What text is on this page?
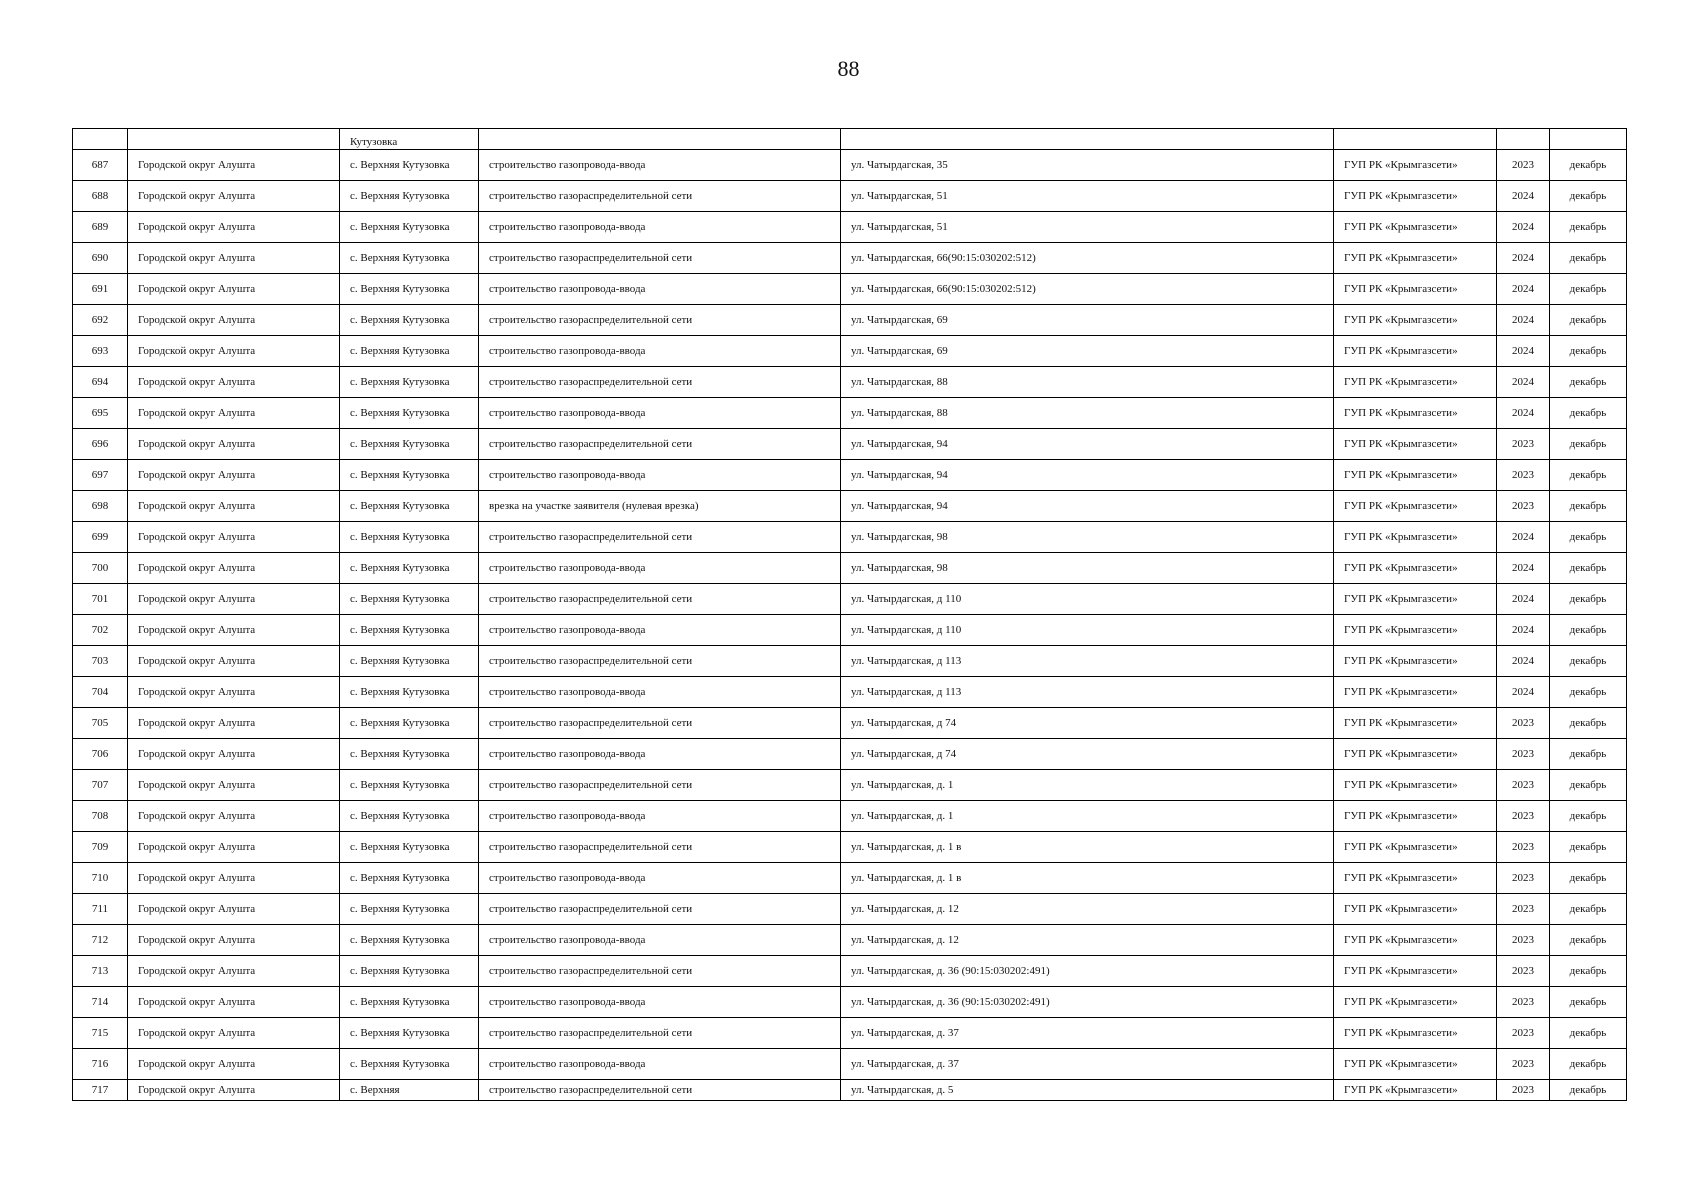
88
		Кутузовка					
687	Городской округ Алушта	с. Верхняя Кутузовка	строительство газопровода-ввода	ул. Чатырдагская, 35	ГУП РК «Крымгазсети»	2023	декабрь
688	Городской округ Алушта	с. Верхняя Кутузовка	строительство газораспределительной сети	ул. Чатырдагская, 51	ГУП РК «Крымгазсети»	2024	декабрь
689	Городской округ Алушта	с. Верхняя Кутузовка	строительство газопровода-ввода	ул. Чатырдагская, 51	ГУП РК «Крымгазсети»	2024	декабрь
690	Городской округ Алушта	с. Верхняя Кутузовка	строительство газораспределительной сети	ул. Чатырдагская, 66(90:15:030202:512)	ГУП РК «Крымгазсети»	2024	декабрь
691	Городской округ Алушта	с. Верхняя Кутузовка	строительство газопровода-ввода	ул. Чатырдагская, 66(90:15:030202:512)	ГУП РК «Крымгазсети»	2024	декабрь
692	Городской округ Алушта	с. Верхняя Кутузовка	строительство газораспределительной сети	ул. Чатырдагская, 69	ГУП РК «Крымгазсети»	2024	декабрь
693	Городской округ Алушта	с. Верхняя Кутузовка	строительство газопровода-ввода	ул. Чатырдагская, 69	ГУП РК «Крымгазсети»	2024	декабрь
694	Городской округ Алушта	с. Верхняя Кутузовка	строительство газораспределительной сети	ул. Чатырдагская, 88	ГУП РК «Крымгазсети»	2024	декабрь
695	Городской округ Алушта	с. Верхняя Кутузовка	строительство газопровода-ввода	ул. Чатырдагская, 88	ГУП РК «Крымгазсети»	2024	декабрь
696	Городской округ Алушта	с. Верхняя Кутузовка	строительство газораспределительной сети	ул. Чатырдагская, 94	ГУП РК «Крымгазсети»	2023	декабрь
697	Городской округ Алушта	с. Верхняя Кутузовка	строительство газопровода-ввода	ул. Чатырдагская, 94	ГУП РК «Крымгазсети»	2023	декабрь
698	Городской округ Алушта	с. Верхняя Кутузовка	врезка на участке заявителя (нулевая врезка)	ул. Чатырдагская, 94	ГУП РК «Крымгазсети»	2023	декабрь
699	Городской округ Алушта	с. Верхняя Кутузовка	строительство газораспределительной сети	ул. Чатырдагская, 98	ГУП РК «Крымгазсети»	2024	декабрь
700	Городской округ Алушта	с. Верхняя Кутузовка	строительство газопровода-ввода	ул. Чатырдагская, 98	ГУП РК «Крымгазсети»	2024	декабрь
701	Городской округ Алушта	с. Верхняя Кутузовка	строительство газораспределительной сети	ул. Чатырдагская, д 110	ГУП РК «Крымгазсети»	2024	декабрь
702	Городской округ Алушта	с. Верхняя Кутузовка	строительство газопровода-ввода	ул. Чатырдагская, д 110	ГУП РК «Крымгазсети»	2024	декабрь
703	Городской округ Алушта	с. Верхняя Кутузовка	строительство газораспределительной сети	ул. Чатырдагская, д 113	ГУП РК «Крымгазсети»	2024	декабрь
704	Городской округ Алушта	с. Верхняя Кутузовка	строительство газопровода-ввода	ул. Чатырдагская, д 113	ГУП РК «Крымгазсети»	2024	декабрь
705	Городской округ Алушта	с. Верхняя Кутузовка	строительство газораспределительной сети	ул. Чатырдагская, д 74	ГУП РК «Крымгазсети»	2023	декабрь
706	Городской округ Алушта	с. Верхняя Кутузовка	строительство газопровода-ввода	ул. Чатырдагская, д 74	ГУП РК «Крымгазсети»	2023	декабрь
707	Городской округ Алушта	с. Верхняя Кутузовка	строительство газораспределительной сети	ул. Чатырдагская, д. 1	ГУП РК «Крымгазсети»	2023	декабрь
708	Городской округ Алушта	с. Верхняя Кутузовка	строительство газопровода-ввода	ул. Чатырдагская, д. 1	ГУП РК «Крымгазсети»	2023	декабрь
709	Городской округ Алушта	с. Верхняя Кутузовка	строительство газораспределительной сети	ул. Чатырдагская, д. 1 в	ГУП РК «Крымгазсети»	2023	декабрь
710	Городской округ Алушта	с. Верхняя Кутузовка	строительство газопровода-ввода	ул. Чатырдагская, д. 1 в	ГУП РК «Крымгазсети»	2023	декабрь
711	Городской округ Алушта	с. Верхняя Кутузовка	строительство газораспределительной сети	ул. Чатырдагская, д. 12	ГУП РК «Крымгазсети»	2023	декабрь
712	Городской округ Алушта	с. Верхняя Кутузовка	строительство газопровода-ввода	ул. Чатырдагская, д. 12	ГУП РК «Крымгазсети»	2023	декабрь
713	Городской округ Алушта	с. Верхняя Кутузовка	строительство газораспределительной сети	ул. Чатырдагская, д. 36 (90:15:030202:491)	ГУП РК «Крымгазсети»	2023	декабрь
714	Городской округ Алушта	с. Верхняя Кутузовка	строительство газопровода-ввода	ул. Чатырдагская, д. 36 (90:15:030202:491)	ГУП РК «Крымгазсети»	2023	декабрь
715	Городской округ Алушта	с. Верхняя Кутузовка	строительство газораспределительной сети	ул. Чатырдагская, д. 37	ГУП РК «Крымгазсети»	2023	декабрь
716	Городской округ Алушта	с. Верхняя Кутузовка	строительство газопровода-ввода	ул. Чатырдагская, д. 37	ГУП РК «Крымгазсети»	2023	декабрь
717	Городской округ Алушта	с. Верхняя	строительство газораспределительной сети	ул. Чатырдагская, д. 5	ГУП РК «Крымгазсети»	2023	декабрь
